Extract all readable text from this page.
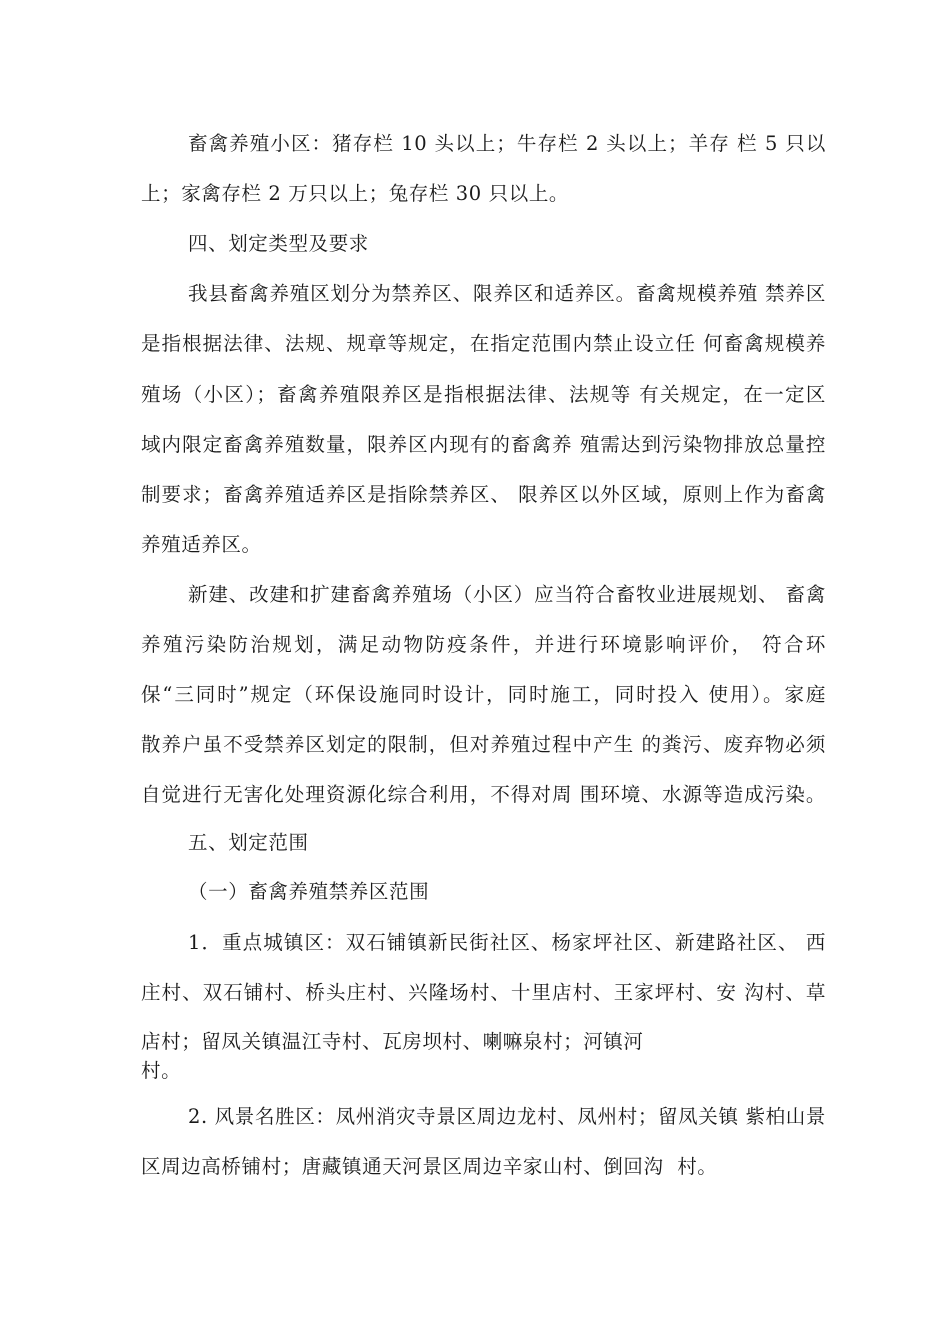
畜禽养殖小区：猪存栏 10 头以上；牛存栏 2 头以上；羊存 栏 5 只以
上；家禽存栏 2 万只以上；兔存栏 30 只以上。
四、划定类型及要求
我县畜禽养殖区划分为禁养区、限养区和适养区。畜禽规模养殖 禁养区
是指根据法律、法规、规章等规定，在指定范围内禁止设立任 何畜禽规模养
殖场（小区）；畜禽养殖限养区是指根据法律、法规等 有关规定，在一定区
域内限定畜禽养殖数量，限养区内现有的畜禽养 殖需达到污染物排放总量控
制要求；畜禽养殖适养区是指除禁养区、 限养区以外区域，原则上作为畜禽
养殖适养区。
新建、改建和扩建畜禽养殖场（小区）应当符合畜牧业进展规划、 畜禽
养殖污染防治规划，满足动物防疫条件，并进行环境影响评价， 符合环
保“三同时”规定（环保设施同时设计，同时施工，同时投入 使用）。家庭
散养户虽不受禁养区划定的限制，但对养殖过程中产生 的粪污、废弃物必须
自觉进行无害化处理资源化综合利用，不得对周 围环境、水源等造成污染。
五、划定范围
（一）畜禽养殖禁养区范围
1．重点城镇区：双石铺镇新民街社区、杨家坪社区、新建路社区、 西
庄村、双石铺村、桥头庄村、兴隆场村、十里店村、王家坪村、安 沟村、草
店村；留凤关镇温江寺村、瓦房坝村、喇嘛泉村；河镇河
村。
2. 风景名胜区：凤州消灾寺景区周边龙村、凤州村；留凤关镇 紫柏山景
区周边高桥铺村；唐藏镇通天河景区周边辛家山村、倒回沟  村。
